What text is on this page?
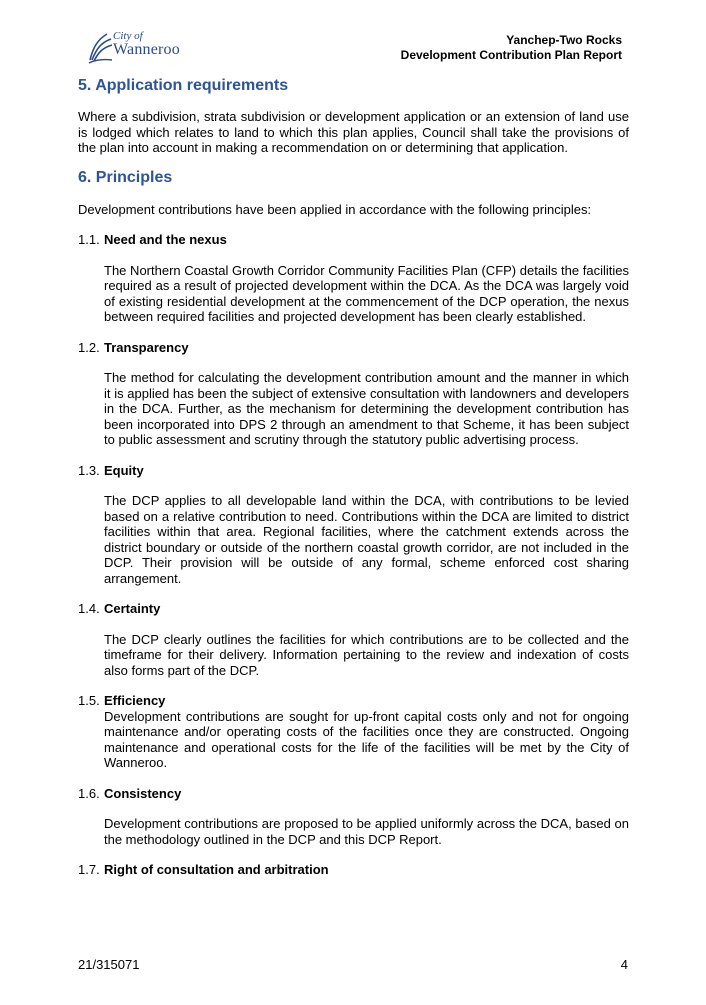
City of
Wanneroo
Yanchep-Two Rocks
Development Contribution Plan Report
5. Application requirements

Where a subdivision, strata subdivision or development application or an extension of land use is lodged which relates to land to which this plan applies, Council shall take the provisions of the plan into account in making a recommendation on or determining that application.

6. Principles

Development contributions have been applied in accordance with the following principles:

1.1. Need and the nexus
The Northern Coastal Growth Corridor Community Facilities Plan (CFP) details the facilities required as a result of projected development within the DCA. As the DCA was largely void of existing residential development at the commencement of the DCP operation, the nexus between required facilities and projected development has been clearly established.
1.2. Transparency
The method for calculating the development contribution amount and the manner in which it is applied has been the subject of extensive consultation with landowners and developers in the DCA. Further, as the mechanism for determining the development contribution has been incorporated into DPS 2 through an amendment to that Scheme, it has been subject to public assessment and scrutiny through the statutory public advertising process.
1.3. Equity
The DCP applies to all developable land within the DCA, with contributions to be levied based on a relative contribution to need. Contributions within the DCA are limited to district facilities within that area. Regional facilities, where the catchment extends across the district boundary or outside of the northern coastal growth corridor, are not included in the DCP. Their provision will be outside of any formal, scheme enforced cost sharing arrangement.
1.4. Certainty
The DCP clearly outlines the facilities for which contributions are to be collected and the timeframe for their delivery. Information pertaining to the review and indexation of costs also forms part of the DCP.
1.5. Efficiency
Development contributions are sought for up-front capital costs only and not for ongoing maintenance and/or operating costs of the facilities once they are constructed. Ongoing maintenance and operational costs for the life of the facilities will be met by the City of Wanneroo.
1.6. Consistency
Development contributions are proposed to be applied uniformly across the DCA, based on the methodology outlined in the DCP and this DCP Report.
1.7. Right of consultation and arbitration
21/315071	4
